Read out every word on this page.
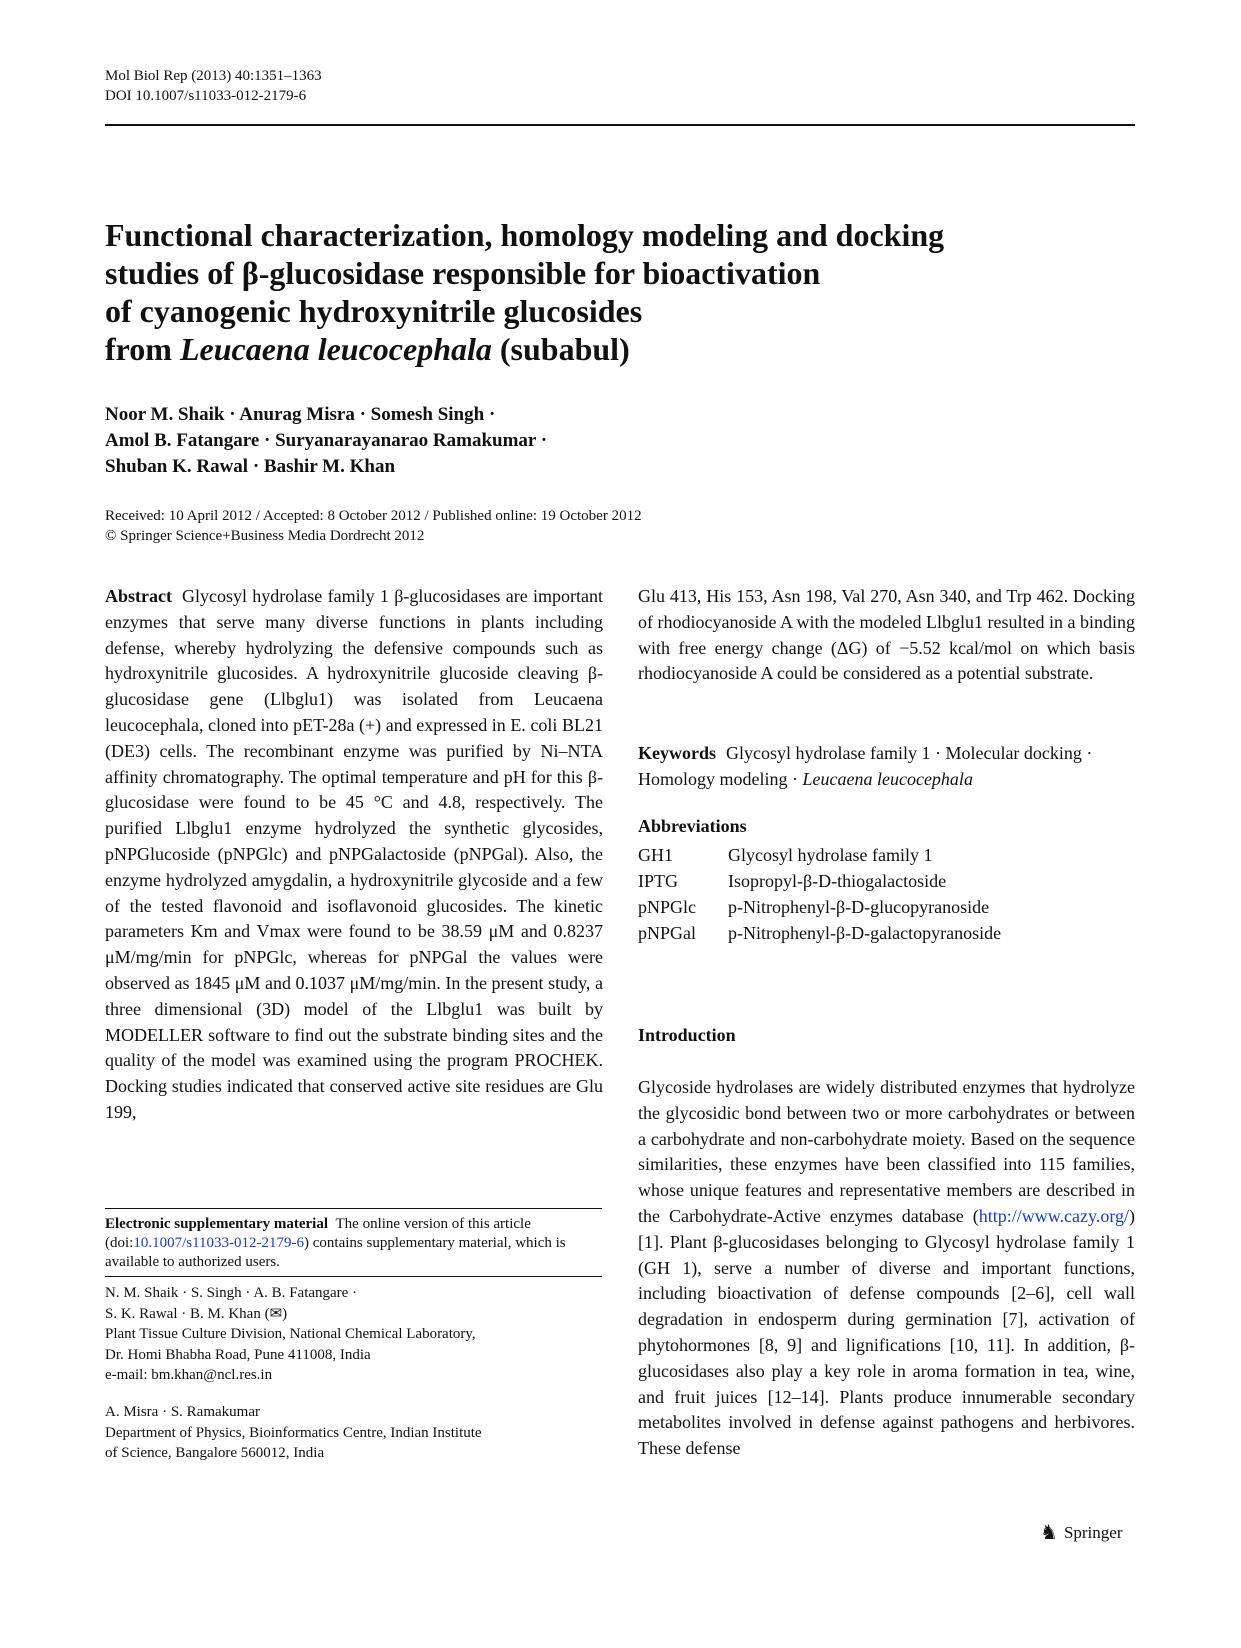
Mol Biol Rep (2013) 40:1351–1363
DOI 10.1007/s11033-012-2179-6
Functional characterization, homology modeling and docking
studies of β-glucosidase responsible for bioactivation
of cyanogenic hydroxynitrile glucosides
from Leucaena leucocephala (subabul)
Noor M. Shaik · Anurag Misra · Somesh Singh ·
Amol B. Fatangare · Suryanarayanarao Ramakumar ·
Shuban K. Rawal · Bashir M. Khan
Received: 10 April 2012 / Accepted: 8 October 2012 / Published online: 19 October 2012
© Springer Science+Business Media Dordrecht 2012

Abstract Glycosyl hydrolase family 1 β-glucosidases are important enzymes that serve many diverse functions in plants including defense, whereby hydrolyzing the defensive compounds such as hydroxynitrile glucosides. A hydroxynitrile glucoside cleaving β-glucosidase gene (Llbglu1) was isolated from Leucaena leucocephala, cloned into pET-28a (+) and expressed in E. coli BL21 (DE3) cells. The recombinant enzyme was purified by Ni–NTA affinity chromatography. The optimal temperature and pH for this β-glucosidase were found to be 45 °C and 4.8, respectively. The purified Llbglu1 enzyme hydrolyzed the synthetic glycosides, pNPGlucoside (pNPGlc) and pNPGalactoside (pNPGal). Also, the enzyme hydrolyzed amygdalin, a hydroxynitrile glycoside and a few of the tested flavonoid and isoflavonoid glucosides. The kinetic parameters Km and Vmax were found to be 38.59 μM and 0.8237 μM/mg/min for pNPGlc, whereas for pNPGal the values were observed as 1845 μM and 0.1037 μM/mg/min. In the present study, a three dimensional (3D) model of the Llbglu1 was built by MODELLER software to find out the substrate binding sites and the quality of the model was examined using the program PROCHEK. Docking studies indicated that conserved active site residues are Glu 199,

Glu 413, His 153, Asn 198, Val 270, Asn 340, and Trp 462. Docking of rhodiocyanoside A with the modeled Llbglu1 resulted in a binding with free energy change (ΔG) of −5.52 kcal/mol on which basis rhodiocyanoside A could be considered as a potential substrate.

Keywords Glycosyl hydrolase family 1 · Molecular docking · Homology modeling · Leucaena leucocephala
Abbreviations
GH1	Glycosyl hydrolase family 1
IPTG	Isopropyl-β-D-thiogalactoside
pNPGlc	p-Nitrophenyl-β-D-glucopyranoside
pNPGal	p-Nitrophenyl-β-D-galactopyranoside
Introduction
Glycoside hydrolases are widely distributed enzymes that hydrolyze the glycosidic bond between two or more carbohydrates or between a carbohydrate and non-carbohydrate moiety. Based on the sequence similarities, these enzymes have been classified into 115 families, whose unique features and representative members are described in the Carbohydrate-Active enzymes database (http://www.cazy.org/) [1]. Plant β-glucosidases belonging to Glycosyl hydrolase family 1 (GH 1), serve a number of diverse and important functions, including bioactivation of defense compounds [2–6], cell wall degradation in endosperm during germination [7], activation of phytohormones [8, 9] and lignifications [10, 11]. In addition, β-glucosidases also play a key role in aroma formation in tea, wine, and fruit juices [12–14]. Plants produce innumerable secondary metabolites involved in defense against pathogens and herbivores. These defense
Electronic supplementary material The online version of this article (doi:10.1007/s11033-012-2179-6) contains supplementary material, which is available to authorized users.
N. M. Shaik · S. Singh · A. B. Fatangare ·
S. K. Rawal · B. M. Khan (✉)
Plant Tissue Culture Division, National Chemical Laboratory,
Dr. Homi Bhabha Road, Pune 411008, India
e-mail: bm.khan@ncl.res.in
A. Misra · S. Ramakumar
Department of Physics, Bioinformatics Centre, Indian Institute
of Science, Bangalore 560012, India
♞ Springer
